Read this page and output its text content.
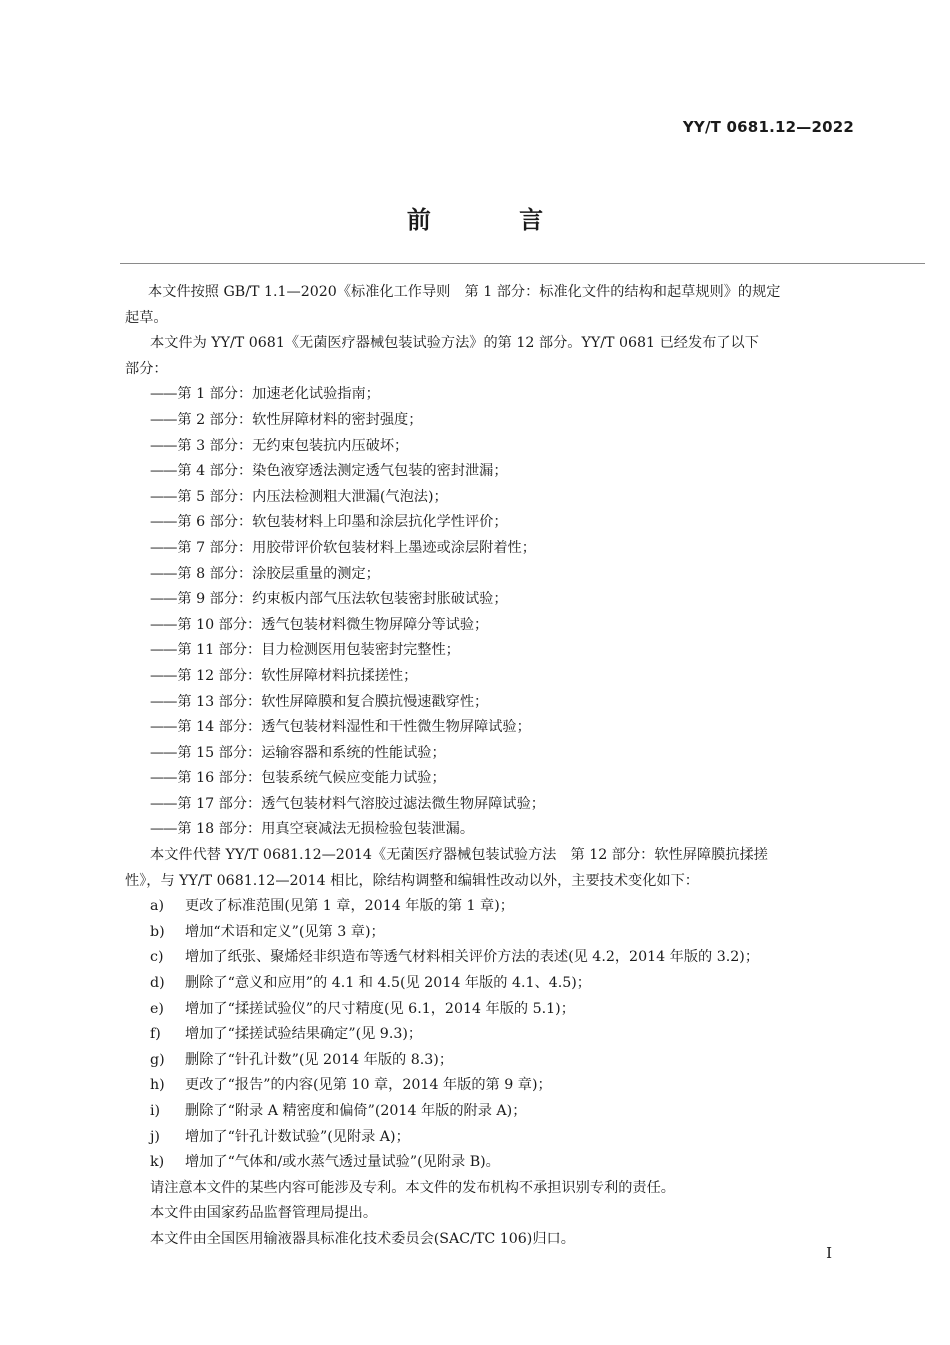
YY/T 0681.12—2022
前 言

本文件按照 GB/T 1.1—2020《标准化工作导则　第 1 部分：标准化文件的结构和起草规则》的规定

起草。

本文件为 YY/T 0681《无菌医疗器械包装试验方法》的第 12 部分。YY/T 0681 已经发布了以下

部分：

—— 第 1 部分：加速老化试验指南；
—— 第 2 部分：软性屏障材料的密封强度；
—— 第 3 部分：无约束包装抗内压破坏；
—— 第 4 部分：染色液穿透法测定透气包装的密封泄漏；
—— 第 5 部分：内压法检测粗大泄漏(气泡法)；
—— 第 6 部分：软包装材料上印墨和涂层抗化学性评价；
—— 第 7 部分：用胶带评价软包装材料上墨迹或涂层附着性；
—— 第 8 部分：涂胶层重量的测定；
—— 第 9 部分：约束板内部气压法软包装密封胀破试验；
—— 第 10 部分：透气包装材料微生物屏障分等试验；
—— 第 11 部分：目力检测医用包装密封完整性；
—— 第 12 部分：软性屏障材料抗揉搓性；
—— 第 13 部分：软性屏障膜和复合膜抗慢速戳穿性；
—— 第 14 部分：透气包装材料湿性和干性微生物屏障试验；
—— 第 15 部分：运输容器和系统的性能试验；
—— 第 16 部分：包装系统气候应变能力试验；
—— 第 17 部分：透气包装材料气溶胶过滤法微生物屏障试验；
—— 第 18 部分：用真空衰减法无损检验包装泄漏。

本文件代替 YY/T 0681.12—2014《无菌医疗器械包装试验方法　第 12 部分：软性屏障膜抗揉搓

性》，与 YY/T 0681.12—2014 相比，除结构调整和编辑性改动以外，主要技术变化如下：

a) 更改了标准范围(见第 1 章，2014 年版的第 1 章)；
b) 增加“术语和定义”(见第 3 章)；
c) 增加了纸张、聚烯烃非织造布等透气材料相关评价方法的表述(见 4.2，2014 年版的 3.2)；
d) 删除了“意义和应用”的 4.1 和 4.5(见 2014 年版的 4.1、4.5)；
e) 增加了“揉搓试验仪”的尺寸精度(见 6.1，2014 年版的 5.1)；
f) 增加了“揉搓试验结果确定”(见 9.3)；
g) 删除了“针孔计数”(见 2014 年版的 8.3)；
h) 更改了“报告”的内容(见第 10 章，2014 年版的第 9 章)；
i) 删除了“附录 A 精密度和偏倚”(2014 年版的附录 A)；
j) 增加了“针孔计数试验”(见附录 A)；
k) 增加了“气体和/或水蒸气透过量试验”(见附录 B)。

请注意本文件的某些内容可能涉及专利。本文件的发布机构不承担识别专利的责任。

本文件由国家药品监督管理局提出。

本文件由全国医用输液器具标准化技术委员会(SAC/TC 106)归口。

I
